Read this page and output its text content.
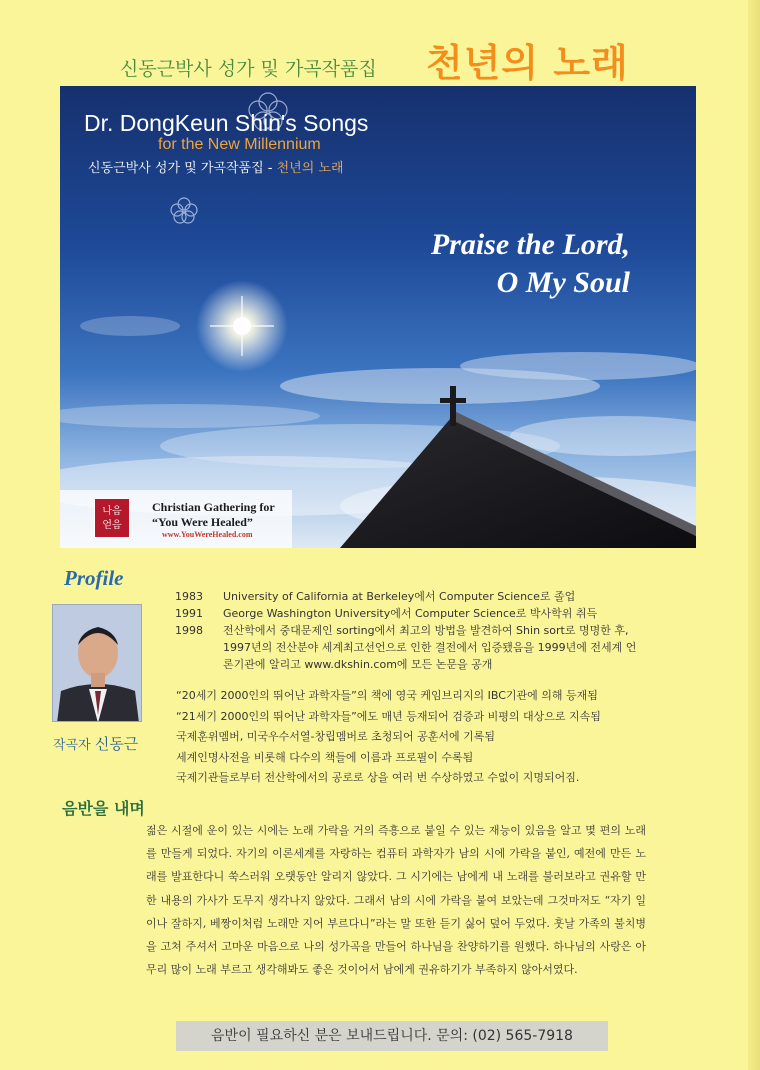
신동근박사 성가 및 가곡작품집 천년의 노래
Dr. DongKeun Shin's Songs
for the New Millennium
신동근박사 성가 및 가곡작품집 - 천년의 노래
Praise the Lord,
O My Soul
나음
얻음
Christian Gathering for
“You Were Healed”
www.YouWereHealed.com
Profile
작곡자 신동근
1983	University of California at Berkeley에서 Computer Science로 졸업
1991	George Washington University에서 Computer Science로 박사학위 취득
1998	전산학에서 중대문제인 sorting에서 최고의 방법을 발견하여 Shin sort로 명명한 후, 1997년의 전산분야 세계최고선언으로 인한 결전에서 입증됐음을 1999년에 전세계 언론기관에 알리고 www.dkshin.com에 모든 논문을 공개
“20세기 2000인의 뛰어난 과학자들”의 책에 영국 케임브리지의 IBC기관에 의해 등재됨
“21세기 2000인의 뛰어난 과학자들”에도 매년 등재되어 검증과 비평의 대상으로 지속됨
국제훈위멤버, 미국우수서열-창립멤버로 초청되어 공훈서에 기록됨
세계인명사전을 비롯해 다수의 책들에 이름과 프로필이 수록됨
국제기관들로부터 전산학에서의 공로로 상을 여러 번 수상하였고 수없이 지명되어짐.
음반을 내며
젊은 시절에 운이 있는 시에는 노래 가락을 거의 즉흥으로 붙일 수 있는 재능이 있음을 알고 몇 편의 노래를 만들게 되었다. 자기의 이론세계를 자랑하는 컴퓨터 과학자가 남의 시에 가락을 붙인, 예전에 만든 노래를 발표한다니 쑥스러워 오랫동안 알리지 않았다. 그 시기에는 남에게 내 노래를 불러보라고 권유할 만한 내용의 가사가 도무지 생각나지 않았다. 그래서 남의 시에 가락을 붙여 보았는데 그것마저도 “자기 일이나 잘하지, 베짱이처럼 노래만 지어 부르다니”라는 말 또한 듣기 싫어 덮어 두었다. 훗날 가족의 불치병을 고쳐 주셔서 고마운 마음으로 나의 성가곡을 만들어 하나님을 찬양하기를 원했다. 하나님의 사랑은 아무리 많이 노래 부르고 생각해봐도 좋은 것이어서 남에게 권유하기가 부족하지 않아서였다.
음반이 필요하신 분은 보내드립니다. 문의: (02) 565-7918
